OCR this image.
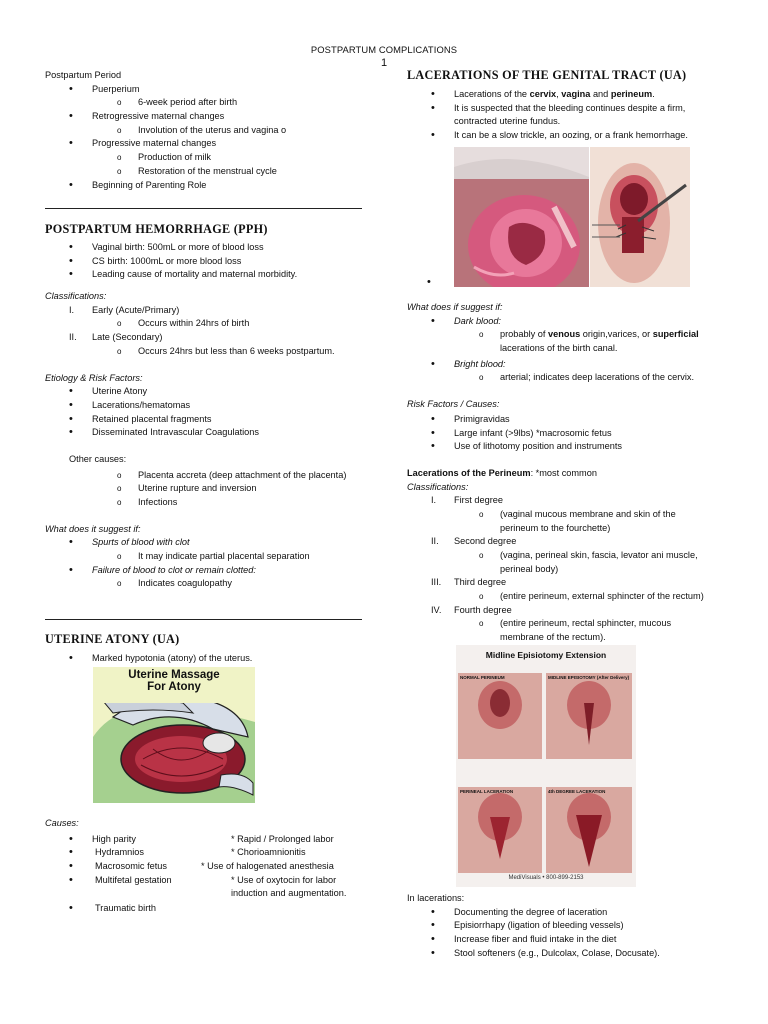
POSTPARTUM COMPLICATIONS
1
Postpartum Period
•
Puerperium
o 6-week period after birth
•
Retrogressive maternal changes
o Involution of the uterus and vagina o
•
Progressive maternal changes
o Production of milk
o Restoration of the menstrual cycle
•
Beginning of Parenting Role
POSTPARTUM HEMORRHAGE (PPH)
•
Vaginal birth: 500mL or more of blood loss
•
CS birth: 1000mL or more blood loss
•
Leading cause of mortality and maternal morbidity.
Classifications:
I. Early (Acute/Primary)
o Occurs within 24hrs of birth
II. Late (Secondary)
o Occurs 24hrs but less than 6 weeks postpartum.
Etiology & Risk Factors:
•
Uterine Atony
•
Lacerations/hematomas
•
Retained placental fragments
•
Disseminated Intravascular Coagulations
Other causes:
o Placenta accreta (deep attachment of the placenta)
o Uterine rupture and inversion
o Infections
What does it suggest if:
•
Spurts of blood with clot
o It may indicate partial placental separation
•
Failure of blood to clot or remain clotted:
o Indicates coagulopathy
UTERINE ATONY (UA)
•
Marked hypotonia (atony) of the uterus.
Uterine Massage
For Atony
Causes:
•
High parity	* Rapid / Prolonged labor
•
Hydramnios	* Chorioamnionitis
•
Macrosomic fetus	* Use of halogenated anesthesia
•
Multifetal gestation	* Use of oxytocin for labor
induction and augmentation.
•
Traumatic birth
LACERATIONS OF THE GENITAL TRACT (UA)
•
Lacerations of the cervix, vagina and perineum.
•
It is suspected that the bleeding continues despite a firm,
contracted uterine fundus.
•
It can be a slow trickle, an oozing, or a frank hemorrhage.
•
What does if suggest if:
•
Dark blood:
o probably of venous origin,varices, or superficial
lacerations of the birth canal.
•
Bright blood:
o arterial; indicates deep lacerations of the cervix.
Risk Factors / Causes:
•
Primigravidas
•
Large infant (>9lbs) *macrosomic fetus
•
Use of lithotomy position and instruments
Lacerations of the Perineum: *most common
Classifications:
I. First degree
o (vaginal mucous membrane and skin of the
perineum to the fourchette)
II. Second degree
o (vagina, perineal skin, fascia, levator ani muscle,
perineal body)
III. Third degree
o (entire perineum, external sphincter of the rectum)
IV. Fourth degree
o (entire perineum, rectal sphincter, mucous
membrane of the rectum).
Midline Episiotomy Extension
NORMAL PERINEUM	MIDLINE EPISIOTOMY (After Delivery)
PERINEAL LACERATION	4th DEGREE LACERATION
MediVisuals • 800-899-2153
In lacerations:
•
Documenting the degree of laceration
•
Episiorrhapy (ligation of bleeding vessels)
•
Increase fiber and fluid intake in the diet
•
Stool softeners (e.g., Dulcolax, Colase, Docusate).
